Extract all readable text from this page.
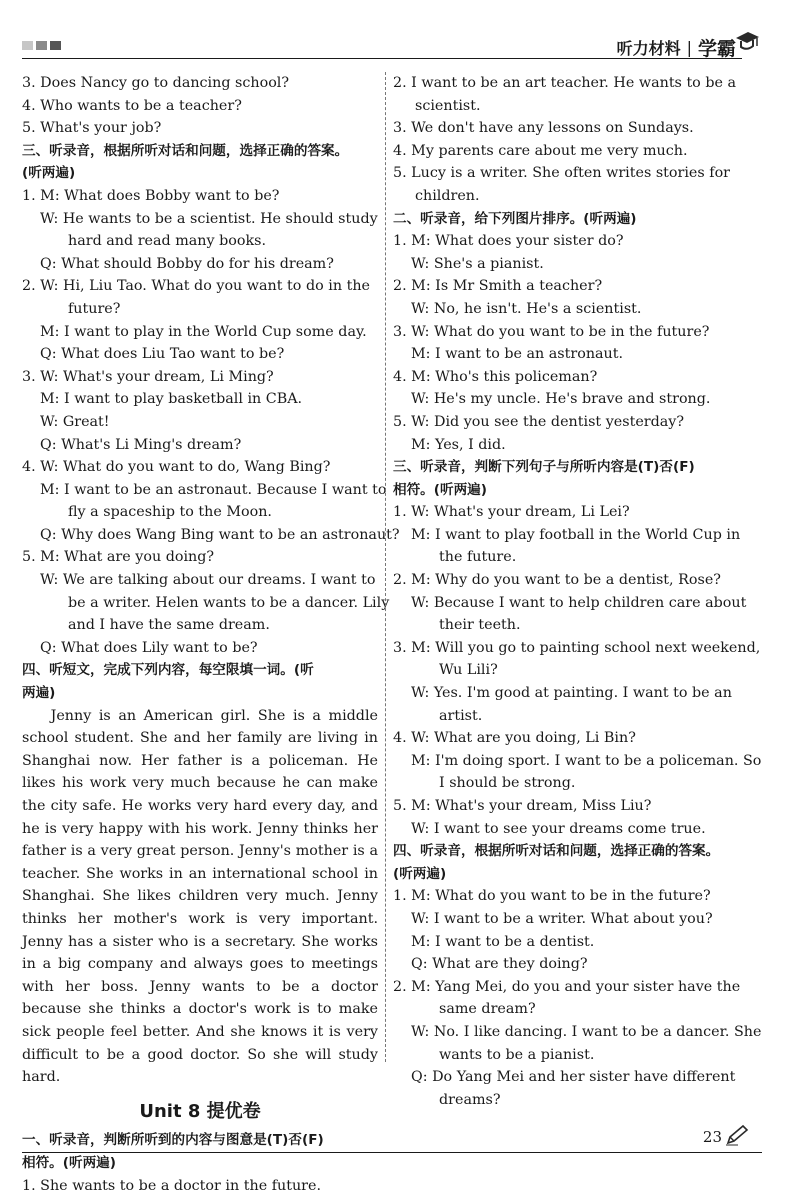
听力材料 | 学霸
3. Does Nancy go to dancing school?
4. Who wants to be a teacher?
5. What's your job?
三、听录音，根据所听对话和问题，选择正确的答案。
(听两遍)
1. M: What does Bobby want to be?
W: He wants to be a scientist. He should study
hard and read many books.
Q: What should Bobby do for his dream?
2. W: Hi, Liu Tao. What do you want to do in the
future?
M: I want to play in the World Cup some day.
Q: What does Liu Tao want to be?
3. W: What's your dream, Li Ming?
M: I want to play basketball in CBA.
W: Great!
Q: What's Li Ming's dream?
4. W: What do you want to do, Wang Bing?
M: I want to be an astronaut. Because I want to
fly a spaceship to the Moon.
Q: Why does Wang Bing want to be an astronaut?
5. M: What are you doing?
W: We are talking about our dreams. I want to
be a writer. Helen wants to be a dancer. Lily
and I have the same dream.
Q: What does Lily want to be?
四、听短文，完成下列内容，每空限填一词。(听
两遍)
Jenny is an American girl. She is a middle school student. She and her family are living in Shanghai now. Her father is a policeman. He likes his work very much because he can make the city safe. He works very hard every day, and he is very happy with his work. Jenny thinks her father is a very great person. Jenny's mother is a teacher. She works in an international school in Shanghai. She likes children very much. Jenny thinks her mother's work is very important. Jenny has a sister who is a secretary. She works in a big company and always goes to meetings with her boss. Jenny wants to be a doctor because she thinks a doctor's work is to make sick people feel better. And she knows it is very difficult to be a good doctor. So she will study hard.
Unit 8 提优卷
一、听录音，判断所听到的内容与图意是(T)否(F)
相符。(听两遍)
1. She wants to be a doctor in the future.
2. I want to be an art teacher. He wants to be a
scientist.
3. We don't have any lessons on Sundays.
4. My parents care about me very much.
5. Lucy is a writer. She often writes stories for
children.
二、听录音，给下列图片排序。(听两遍)
1. M: What does your sister do?
W: She's a pianist.
2. M: Is Mr Smith a teacher?
W: No, he isn't. He's a scientist.
3. W: What do you want to be in the future?
M: I want to be an astronaut.
4. M: Who's this policeman?
W: He's my uncle. He's brave and strong.
5. W: Did you see the dentist yesterday?
M: Yes, I did.
三、听录音，判断下列句子与所听内容是(T)否(F)
相符。(听两遍)
1. W: What's your dream, Li Lei?
M: I want to play football in the World Cup in
the future.
2. M: Why do you want to be a dentist, Rose?
W: Because I want to help children care about
their teeth.
3. M: Will you go to painting school next weekend,
Wu Lili?
W: Yes. I'm good at painting. I want to be an
artist.
4. W: What are you doing, Li Bin?
M: I'm doing sport. I want to be a policeman. So
I should be strong.
5. M: What's your dream, Miss Liu?
W: I want to see your dreams come true.
四、听录音，根据所听对话和问题，选择正确的答案。
(听两遍)
1. M: What do you want to be in the future?
W: I want to be a writer. What about you?
M: I want to be a dentist.
Q: What are they doing?
2. M: Yang Mei, do you and your sister have the
same dream?
W: No. I like dancing. I want to be a dancer. She
wants to be a pianist.
Q: Do Yang Mei and her sister have different
dreams?
23
